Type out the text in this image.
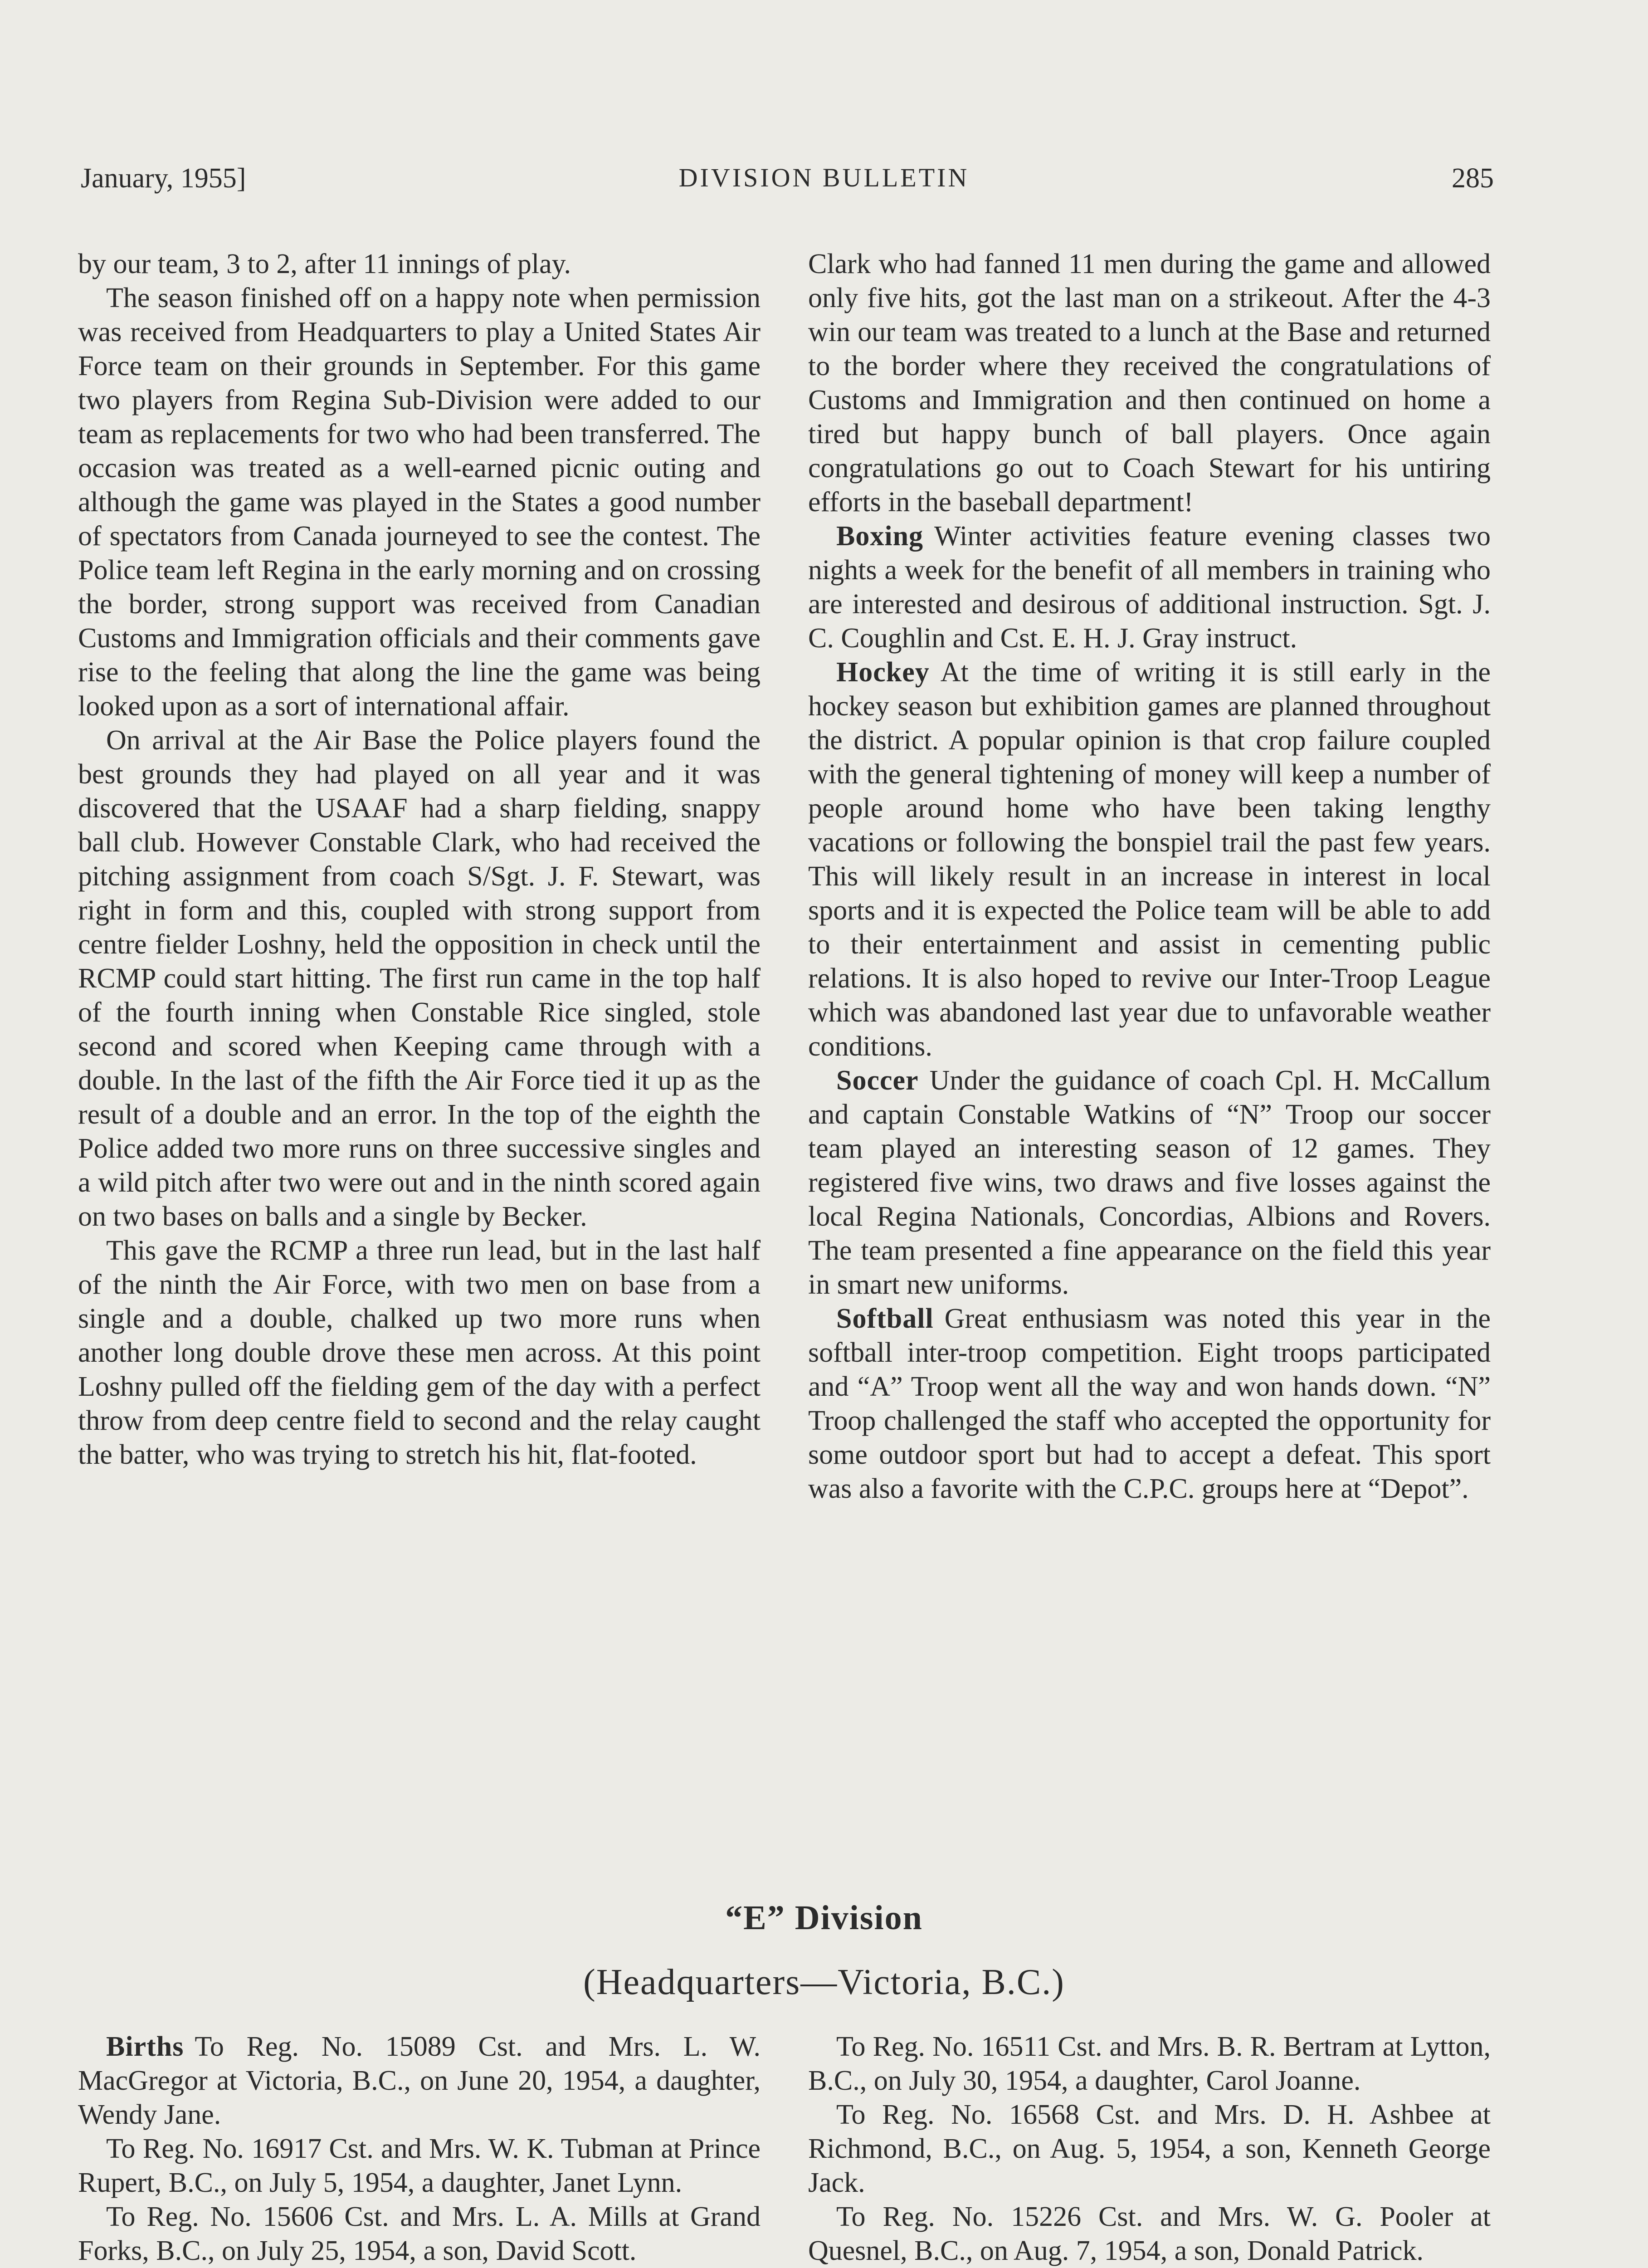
January, 1955]	DIVISION BULLETIN	285

by our team, 3 to 2, after 11 innings of play.

The season finished off on a happy note when permission was received from Headquarters to play a United States Air Force team on their grounds in September. For this game two players from Regina Sub-Division were added to our team as replacements for two who had been transferred. The occasion was treated as a well-earned picnic outing and although the game was played in the States a good number of spectators from Canada journeyed to see the contest. The Police team left Regina in the early morning and on crossing the border, strong support was received from Canadian Customs and Immigration officials and their comments gave rise to the feeling that along the line the game was being looked upon as a sort of international affair.

On arrival at the Air Base the Police players found the best grounds they had played on all year and it was discovered that the USAAF had a sharp fielding, snappy ball club. However Constable Clark, who had received the pitching assignment from coach S/Sgt. J. F. Stewart, was right in form and this, coupled with strong support from centre fielder Loshny, held the opposition in check until the RCMP could start hitting. The first run came in the top half of the fourth inning when Constable Rice singled, stole second and scored when Keeping came through with a double. In the last of the fifth the Air Force tied it up as the result of a double and an error. In the top of the eighth the Police added two more runs on three successive singles and a wild pitch after two were out and in the ninth scored again on two bases on balls and a single by Becker.

This gave the RCMP a three run lead, but in the last half of the ninth the Air Force, with two men on base from a single and a double, chalked up two more runs when another long double drove these men across. At this point Loshny pulled off the fielding gem of the day with a perfect throw from deep centre field to second and the relay caught the batter, who was trying to stretch his hit, flat-footed.

Clark who had fanned 11 men during the game and allowed only five hits, got the last man on a strikeout. After the 4-3 win our team was treated to a lunch at the Base and returned to the border where they received the congratulations of Customs and Immigration and then continued on home a tired but happy bunch of ball players. Once again congratulations go out to Coach Stewart for his untiring efforts in the baseball department!

Boxing Winter activities feature evening classes two nights a week for the benefit of all members in training who are interested and desirous of additional instruction. Sgt. J. C. Coughlin and Cst. E. H. J. Gray instruct.

Hockey At the time of writing it is still early in the hockey season but exhibition games are planned throughout the district. A popular opinion is that crop failure coupled with the general tightening of money will keep a number of people around home who have been taking lengthy vacations or following the bonspiel trail the past few years. This will likely result in an increase in interest in local sports and it is expected the Police team will be able to add to their entertainment and assist in cementing public relations. It is also hoped to revive our Inter-Troop League which was abandoned last year due to unfavorable weather conditions.

Soccer Under the guidance of coach Cpl. H. McCallum and captain Constable Watkins of “N” Troop our soccer team played an interesting season of 12 games. They registered five wins, two draws and five losses against the local Regina Nationals, Concordias, Albions and Rovers. The team presented a fine appearance on the field this year in smart new uniforms.

Softball Great enthusiasm was noted this year in the softball inter-troop competition. Eight troops participated and “A” Troop went all the way and won hands down. “N” Troop challenged the staff who accepted the opportunity for some outdoor sport but had to accept a defeat. This sport was also a favorite with the C.P.C. groups here at “Depot”.

“E” Division
(Headquarters—Victoria, B.C.)

Births To Reg. No. 15089 Cst. and Mrs. L. W. MacGregor at Victoria, B.C., on June 20, 1954, a daughter, Wendy Jane.

To Reg. No. 16917 Cst. and Mrs. W. K. Tubman at Prince Rupert, B.C., on July 5, 1954, a daughter, Janet Lynn.

To Reg. No. 15606 Cst. and Mrs. L. A. Mills at Grand Forks, B.C., on July 25, 1954, a son, David Scott.

To Reg. No. 16511 Cst. and Mrs. B. R. Bertram at Lytton, B.C., on July 30, 1954, a daughter, Carol Joanne.

To Reg. No. 16568 Cst. and Mrs. D. H. Ashbee at Richmond, B.C., on Aug. 5, 1954, a son, Kenneth George Jack.

To Reg. No. 15226 Cst. and Mrs. W. G. Pooler at Quesnel, B.C., on Aug. 7, 1954, a son, Donald Patrick.
